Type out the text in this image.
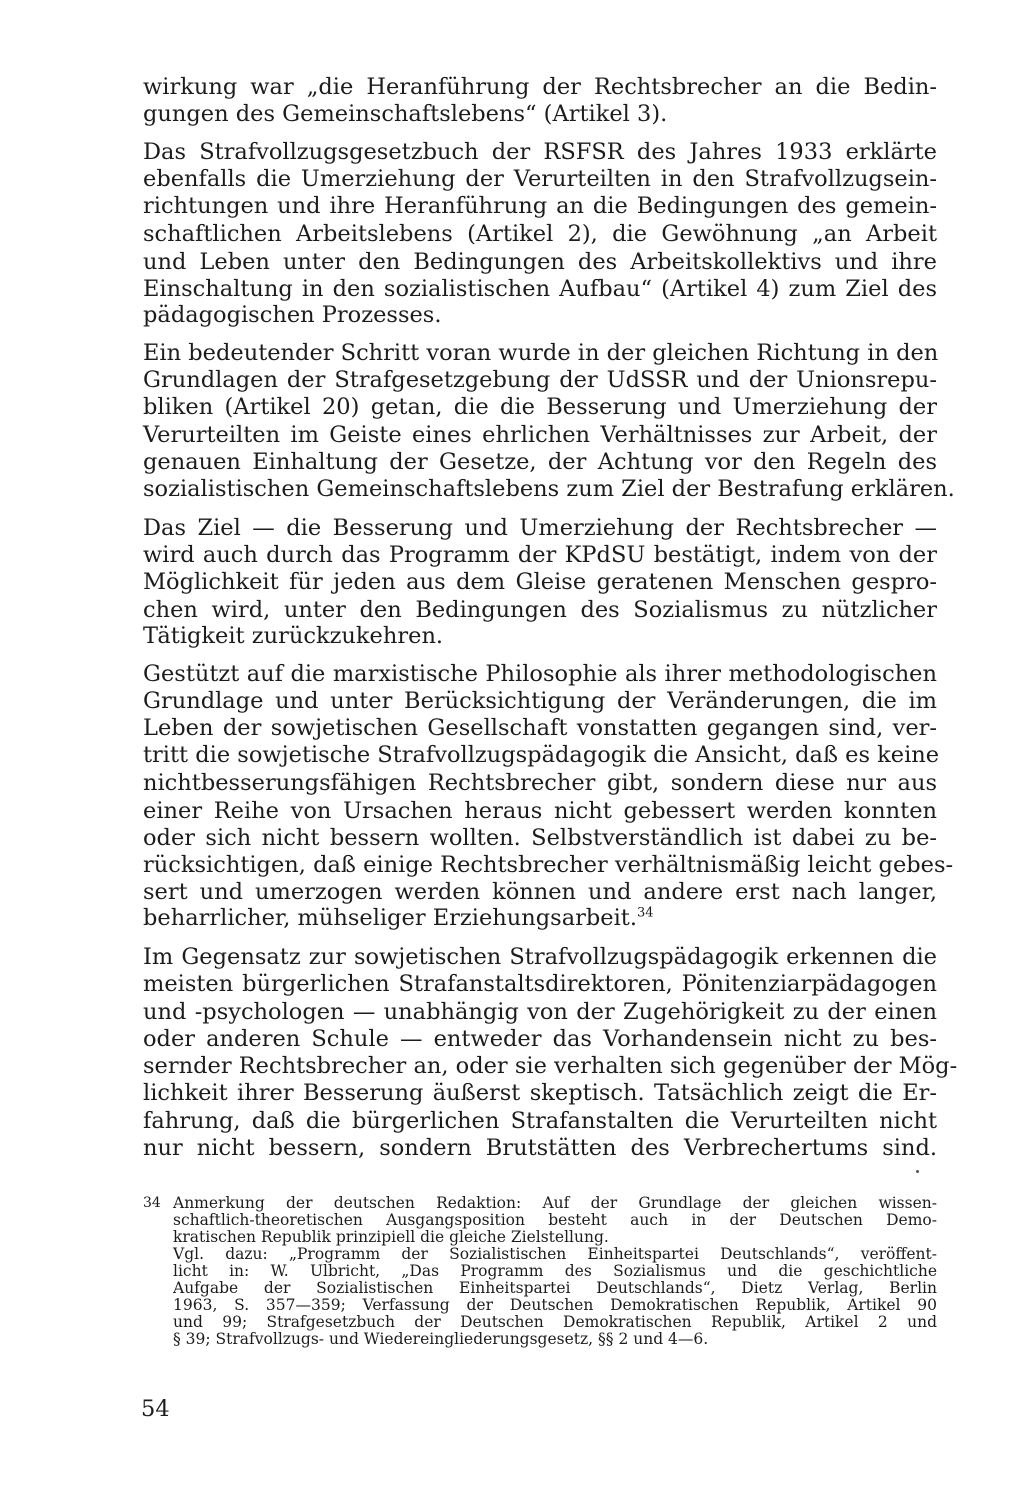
wirkung war „die Heranführung der Rechtsbrecher an die Bedin-
gungen des Gemeinschaftslebens“ (Artikel 3).
Das Strafvollzugsgesetzbuch der RSFSR des Jahres 1933 erklärte
ebenfalls die Umerziehung der Verurteilten in den Strafvollzugsein-
richtungen und ihre Heranführung an die Bedingungen des gemein-
schaftlichen Arbeitslebens (Artikel 2), die Gewöhnung „an Arbeit
und Leben unter den Bedingungen des Arbeitskollektivs und ihre
Einschaltung in den sozialistischen Aufbau“ (Artikel 4) zum Ziel des
pädagogischen Prozesses.
Ein bedeutender Schritt voran wurde in der gleichen Richtung in den
Grundlagen der Strafgesetzgebung der UdSSR und der Unionsrepu-
bliken (Artikel 20) getan, die die Besserung und Umerziehung der
Verurteilten im Geiste eines ehrlichen Verhältnisses zur Arbeit, der
genauen Einhaltung der Gesetze, der Achtung vor den Regeln des
sozialistischen Gemeinschaftslebens zum Ziel der Bestrafung erklären.
Das Ziel — die Besserung und Umerziehung der Rechtsbrecher —
wird auch durch das Programm der KPdSU bestätigt, indem von der
Möglichkeit für jeden aus dem Gleise geratenen Menschen gespro-
chen wird, unter den Bedingungen des Sozialismus zu nützlicher
Tätigkeit zurückzukehren.
Gestützt auf die marxistische Philosophie als ihrer methodologischen
Grundlage und unter Berücksichtigung der Veränderungen, die im
Leben der sowjetischen Gesellschaft vonstatten gegangen sind, ver-
tritt die sowjetische Strafvollzugspädagogik die Ansicht, daß es keine
nichtbesserungsfähigen Rechtsbrecher gibt, sondern diese nur aus
einer Reihe von Ursachen heraus nicht gebessert werden konnten
oder sich nicht bessern wollten. Selbstverständlich ist dabei zu be-
rücksichtigen, daß einige Rechtsbrecher verhältnismäßig leicht gebes-
sert und umerzogen werden können und andere erst nach langer,
beharrlicher, mühseliger Erziehungsarbeit.$^{34}$
Im Gegensatz zur sowjetischen Strafvollzugspädagogik erkennen die
meisten bürgerlichen Strafanstaltsdirektoren, Pönitenziarpädagogen
und -psychologen — unabhängig von der Zugehörigkeit zu der einen
oder anderen Schule — entweder das Vorhandensein nicht zu bes-
sernder Rechtsbrecher an, oder sie verhalten sich gegenüber der Mög-
lichkeit ihrer Besserung äußerst skeptisch. Tatsächlich zeigt die Er-
fahrung, daß die bürgerlichen Strafanstalten die Verurteilten nicht
nur nicht bessern, sondern Brutstätten des Verbrechertums sind.
34 Anmerkung der deutschen Redaktion: Auf der Grundlage der gleichen wissen-
schaftlich-theoretischen Ausgangsposition besteht auch in der Deutschen Demo-
kratischen Republik prinzipiell die gleiche Zielstellung.
Vgl. dazu: „Programm der Sozialistischen Einheitspartei Deutschlands“, veröffent-
licht in: W. Ulbricht, „Das Programm des Sozialismus und die geschichtliche
Aufgabe der Sozialistischen Einheitspartei Deutschlands“, Dietz Verlag, Berlin
1963, S. 357—359; Verfassung der Deutschen Demokratischen Republik, Artikel 90
und 99; Strafgesetzbuch der Deutschen Demokratischen Republik, Artikel 2 und
§ 39; Strafvollzugs- und Wiedereingliederungsgesetz, §§ 2 und 4—6.
54
